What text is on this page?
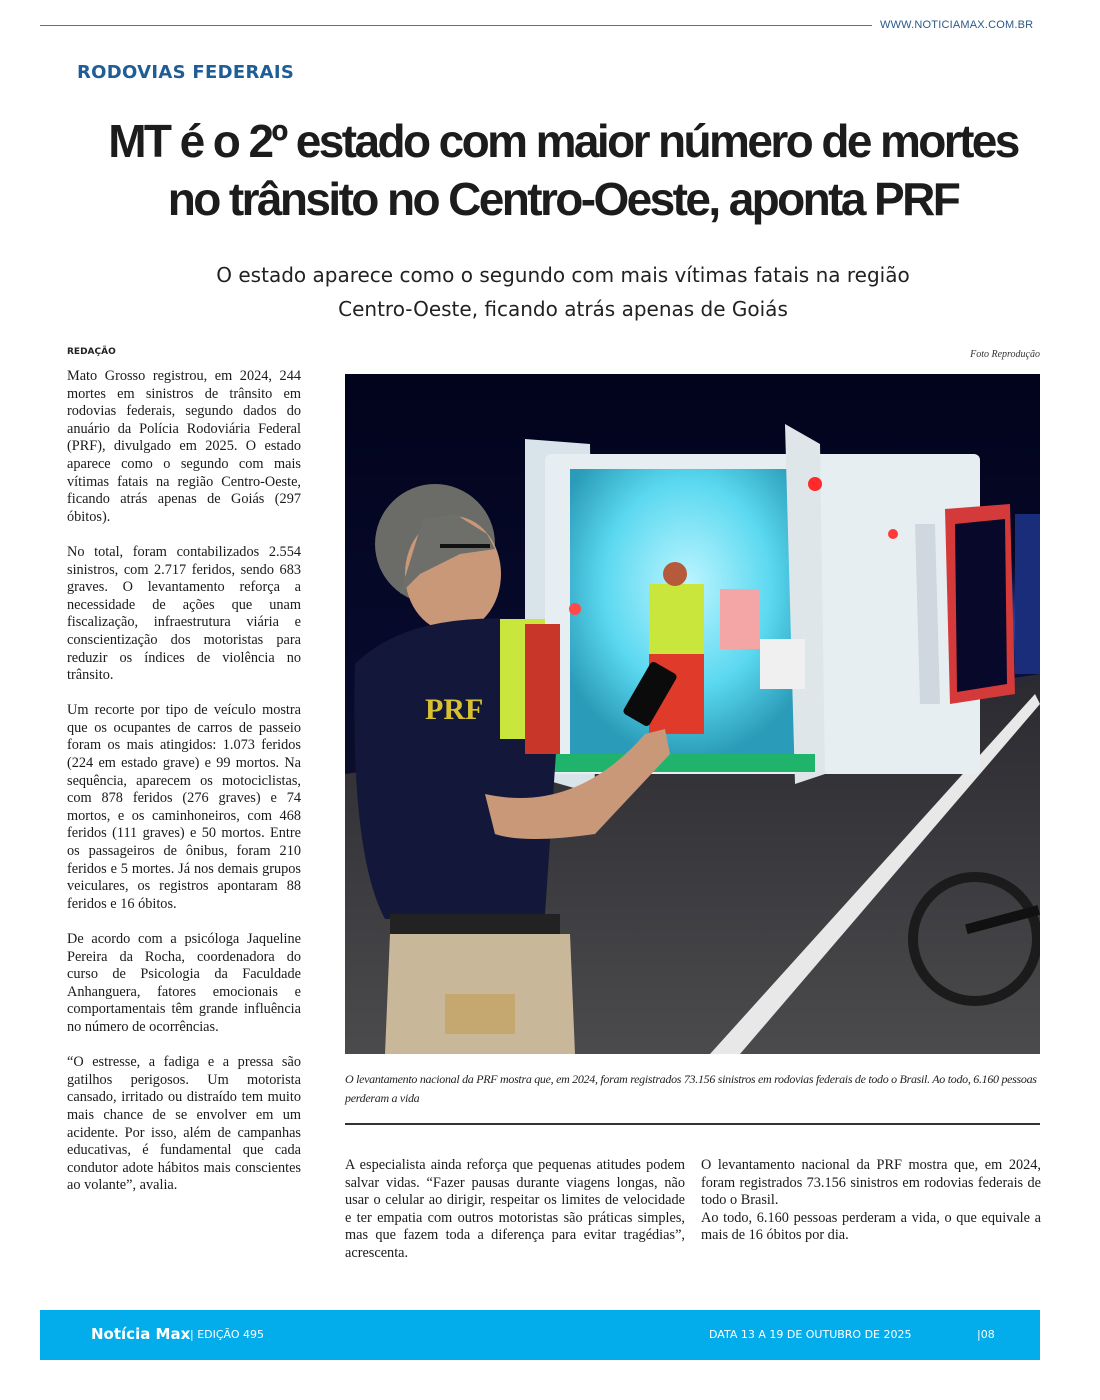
WWW.NOTICIAMAX.COM.BR
RODOVIAS FEDERAIS
MT é o 2º estado com maior número de mortes
no trânsito no Centro-Oeste, aponta PRF
O estado aparece como o segundo com mais vítimas fatais na região
Centro-Oeste, ficando atrás apenas de Goiás
REDAÇÃO

Mato Grosso registrou, em 2024, 244 mortes em sinistros de trânsito em rodovias federais, segundo dados do anuário da Polícia Rodoviária Federal (PRF), divulgado em 2025. O estado aparece como o segundo com mais vítimas fatais na região Centro-Oeste, ficando atrás apenas de Goiás (297 óbitos).

No total, foram contabilizados 2.554 sinistros, com 2.717 feridos, sendo 683 graves. O levantamento reforça a necessidade de ações que unam fiscalização, infraestrutura viária e conscientização dos motoristas para reduzir os índices de violência no trânsito.

Um recorte por tipo de veículo mostra que os ocupantes de carros de passeio foram os mais atingidos: 1.073 feridos (224 em estado grave) e 99 mortos. Na sequência, aparecem os motociclistas, com 878 feridos (276 graves) e 74 mortos, e os caminhoneiros, com 468 feridos (111 graves) e 50 mortos. Entre os passageiros de ônibus, foram 210 feridos e 5 mortes. Já nos demais grupos veiculares, os registros apontaram 88 feridos e 16 óbitos.

De acordo com a psicóloga Jaqueline Pereira da Rocha, coordenadora do curso de Psicologia da Faculdade Anhanguera, fatores emocionais e comportamentais têm grande influência no número de ocorrências.

“O estresse, a fadiga e a pressa são gatilhos perigosos. Um motorista cansado, irritado ou distraído tem muito mais chance de se envolver em um acidente. Por isso, além de campanhas educativas, é fundamental que cada condutor adote hábitos mais conscientes ao volante”, avalia.

Foto Reprodução
PRF
O levantamento nacional da PRF mostra que, em 2024, foram registrados 73.156 sinistros em rodovias federais de todo o Brasil. Ao todo, 6.160 pessoas perderam a vida

A especialista ainda reforça que pequenas atitudes podem salvar vidas. “Fazer pausas durante viagens longas, não usar o celular ao dirigir, respeitar os limites de velocidade e ter empatia com outros motoristas são práticas simples, mas que fazem toda a diferença para evitar tragédias”, acrescenta.

O levantamento nacional da PRF mostra que, em 2024, foram registrados 73.156 sinistros em rodovias federais de todo o Brasil.

Ao todo, 6.160 pessoas perderam a vida, o que equivale a mais de 16 óbitos por dia.

Notícia Max | EDIÇÃO 495	DATA 13 A 19 DE OUTUBRO DE 2025	|08
